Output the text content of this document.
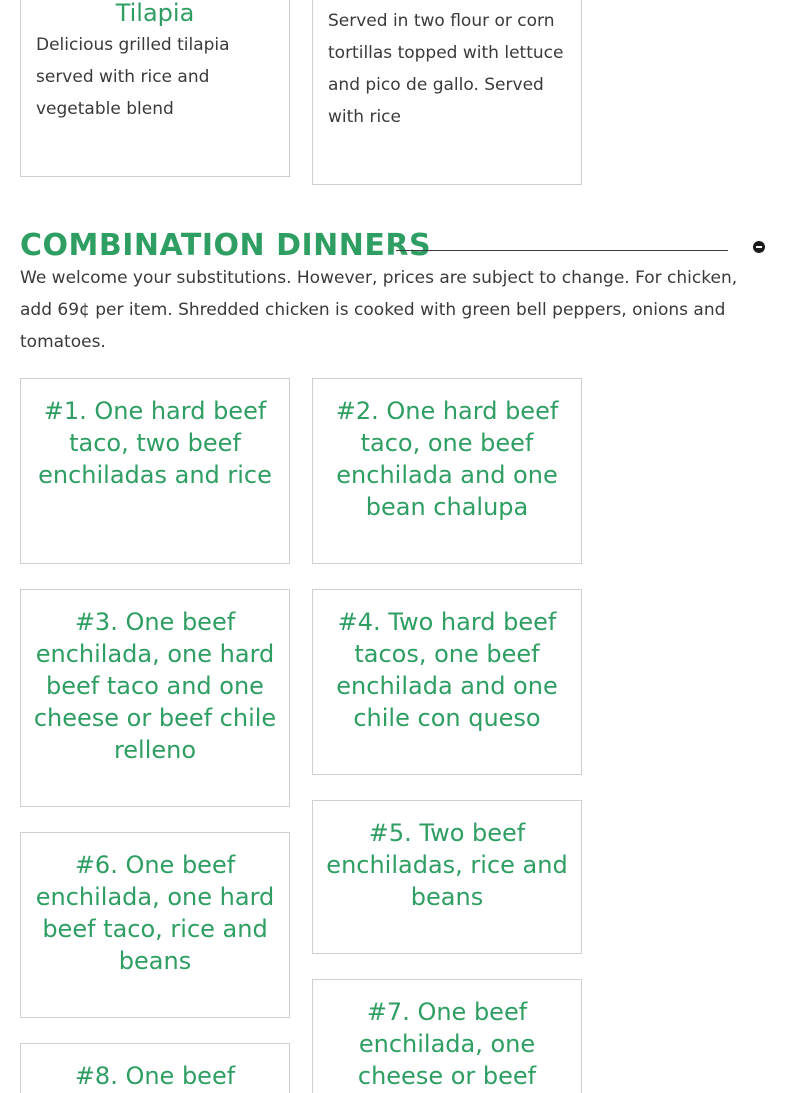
Tilapia

Delicious grilled tilapia served with rice and vegetable blend

Served in two flour or corn tortillas topped with lettuce and pico de gallo. Served with rice

COMBINATION DINNERS

We welcome your substitutions. However, prices are subject to change. For chicken, add 69¢ per item. Shredded chicken is cooked with green bell peppers, onions and tomatoes.

#1. One hard beef taco, two beef enchiladas and rice
#2. One hard beef taco, one beef enchilada and one bean chalupa
#3. One beef enchilada, one hard beef taco and one cheese or beef chile relleno
#4. Two hard beef tacos, one beef enchilada and one chile con queso
#5. Two beef enchiladas, rice and beans
#6. One beef enchilada, one hard beef taco, rice and beans
#7. One beef enchilada, one cheese or beef
#8. One beef
